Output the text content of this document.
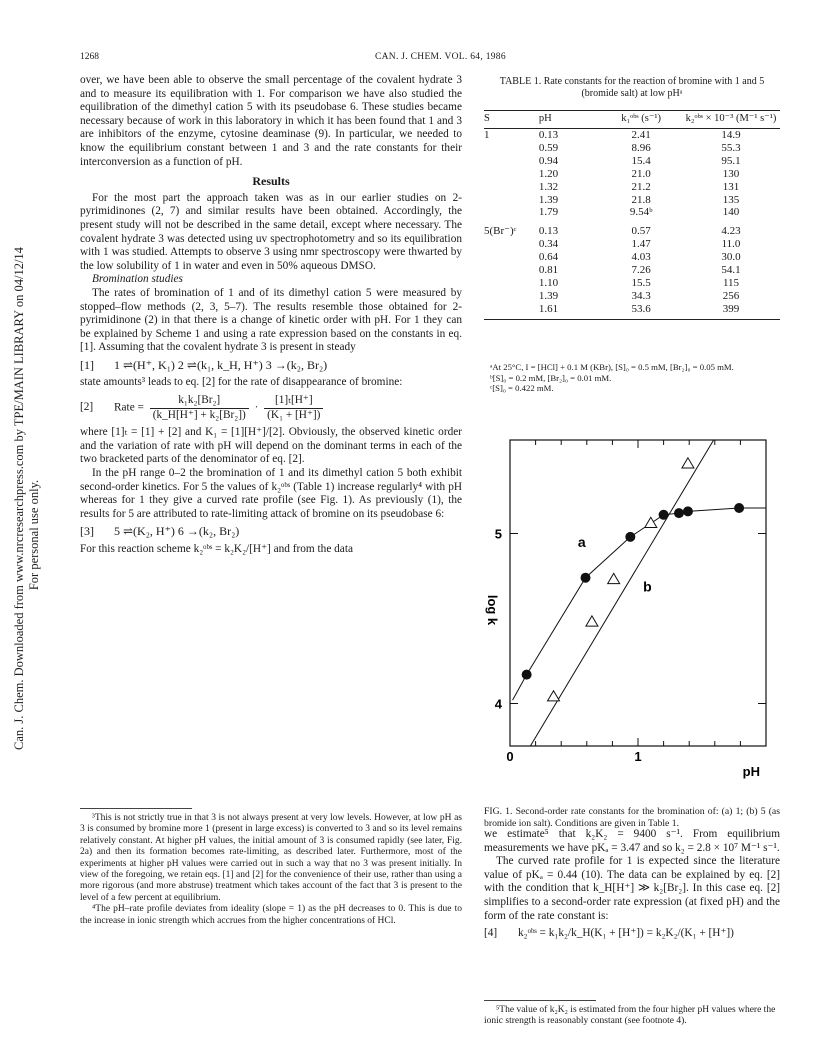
Can. J. Chem. Downloaded from www.nrcresearchpress.com by TPE/MAIN LIBRARY on 04/12/14 For personal use only.
1268	CAN. J. CHEM. VOL. 64, 1986

over, we have been able to observe the small percentage of the covalent hydrate 3 and to measure its equilibration with 1. For comparison we have also studied the equilibration of the dimethyl cation 5 with its pseudobase 6. These studies became necessary because of work in this laboratory in which it has been found that 1 and 3 are inhibitors of the enzyme, cytosine deaminase (9). In particular, we needed to know the equilibrium constant between 1 and 3 and the rate constants for their interconversion as a function of pH.

Results

For the most part the approach taken was as in our earlier studies on 2-pyrimidinones (2, 7) and similar results have been obtained. Accordingly, the present study will not be described in the same detail, except where necessary. The covalent hydrate 3 was detected using uv spectrophotometry and so its equilibration with 1 was studied. Attempts to observe 3 using nmr spectroscopy were thwarted by the low solubility of 1 in water and even in 50% aqueous DMSO.

Bromination studies

The rates of bromination of 1 and of its dimethyl cation 5 were measured by stopped–flow methods (2, 3, 5–7). The results resemble those obtained for 2-pyrimidinone (2) in that there is a change of kinetic order with pH. For 1 they can be explained by Scheme 1 and using a rate expression based on the constants in eq. [1]. Assuming that the covalent hydrate 3 is present in steady

[1]	1 ⇌(H⁺, K₁) 2 ⇌(k₁, k_H, H⁺) 3 →(k₂, Br₂)

state amounts³ leads to eq. [2] for the rate of disappearance of bromine:

[2]	Rate = $\frac{\text{k₁k₂[Br₂]}}{\text{(k\_H[H⁺] + k₂[Br₂])}} \cdot \frac{\text{[1]ₜ[H⁺]}}{\text{(K₁ + [H⁺])}}$

where [1]ₜ = [1] + [2] and K₁ = [1][H⁺]/[2]. Obviously, the observed kinetic order and the variation of rate with pH will depend on the dominant terms in each of the two bracketed parts of the denominator of eq. [2].

In the pH range 0–2 the bromination of 1 and its dimethyl cation 5 both exhibit second-order kinetics. For 5 the values of k₂ᵒᵇˢ (Table 1) increase regularly⁴ with pH whereas for 1 they give a curved rate profile (see Fig. 1). As previously (1), the results for 5 are attributed to rate-limiting attack of bromine on its pseudobase 6:

[3]	5 ⇌(K₂, H⁺) 6 →(k₂, Br₂)

For this reaction scheme k₂ᵒᵇˢ = k₂K₂/[H⁺] and from the data

³This is not strictly true in that 3 is not always present at very low levels. However, at low pH as 3 is consumed by bromine more 1 (present in large excess) is converted to 3 and so its level remains relatively constant. At higher pH values, the initial amount of 3 is consumed rapidly (see later, Fig. 2a) and then its formation becomes rate-limiting, as described later. Furthermore, most of the experiments at higher pH values were carried out in such a way that no 3 was present initially. In view of the foregoing, we retain eqs. [1] and [2] for the convenience of their use, rather than using a more rigorous (and more abstruse) treatment which takes account of the fact that 3 is present to the level of a few percent at equilibrium.

⁴The pH–rate profile deviates from ideality (slope = 1) as the pH decreases to 0. This is due to the increase in ionic strength which accrues from the higher concentrations of HCl.

TABLE 1. Rate constants for the reaction of bromine with 1 and 5 (bromide salt) at low pHᵃ
S	pH	k₁ᵒᵇˢ (s⁻¹)	k₂ᵒᵇˢ × 10⁻³ (M⁻¹ s⁻¹)
1	0.13	2.41	14.9
	0.59	8.96	55.3
	0.94	15.4	95.1
	1.20	21.0	130
	1.32	21.2	131
	1.39	21.8	135
	1.79	9.54ᵇ	140

5(Br⁻)ᶜ	0.13	0.57	4.23
	0.34	1.47	11.0
	0.64	4.03	30.0
	0.81	7.26	54.1
	1.10	15.5	115
	1.39	34.3	256
	1.61	53.6	399

ᵃAt 25°C, I = [HCl] + 0.1 M (KBr), [S]₀ = 0.5 mM, [Br₂]₀ = 0.05 mM.

ᵇ[S]₀ = 0.2 mM, [Br₂]₀ = 0.01 mM.

ᶜ[S]₀ = 0.422 mM.

0	1
4
5
pH
log k
a
b
FIG. 1. Second-order rate constants for the bromination of: (a) 1; (b) 5 (as bromide ion salt). Conditions are given in Table 1.

we estimate⁵ that k₂K₂ = 9400 s⁻¹. From equilibrium measurements we have pKₐ = 3.47 and so k₂ = 2.8 × 10⁷ M⁻¹ s⁻¹.

The curved rate profile for 1 is expected since the literature value of pKₐ = 0.44 (10). The data can be explained by eq. [2] with the condition that k_H[H⁺] ≫ k₂[Br₂]. In this case eq. [2] simplifies to a second-order rate expression (at fixed pH) and the form of the rate constant is:

[4]	k₂ᵒᵇˢ = k₁k₂/k_H(K₁ + [H⁺]) = k₂K₂/(K₁ + [H⁺])

⁵The value of k₂K₂ is estimated from the four higher pH values where the ionic strength is reasonably constant (see footnote 4).
